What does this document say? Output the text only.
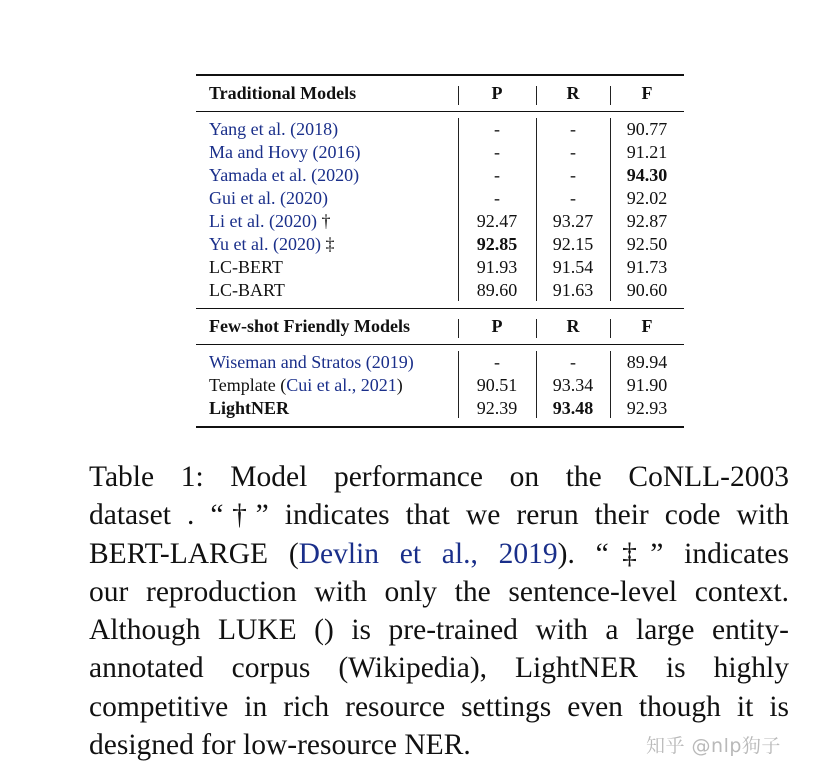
Traditional Models	P	R	F
Yang et al. (2018)	-	-	90.77
Ma and Hovy (2016)	-	-	91.21
Yamada et al. (2020)	-	-	94.30
Gui et al. (2020)	-	-	92.02
Li et al. (2020) †	92.47	93.27	92.87
Yu et al. (2020) ‡	92.85	92.15	92.50
LC-BERT	91.93	91.54	91.73
LC-BART	89.60	91.63	90.60
Few-shot Friendly Models	P	R	F
Wiseman and Stratos (2019)	-	-	89.94
Template (Cui et al., 2021)	90.51	93.34	91.90
LightNER	92.39	93.48	92.93
Table 1: Model performance on the CoNLL-2003
dataset . “†” indicates that we rerun their code with
BERT-LARGE (Devlin et al., 2019). “‡” indicates
our reproduction with only the sentence-level context.
Although LUKE () is pre-trained with a large entity-
annotated corpus (Wikipedia), LightNER is highly
competitive in rich resource settings even though it is
designed for low-resource NER.	知乎 @nlp狗子
